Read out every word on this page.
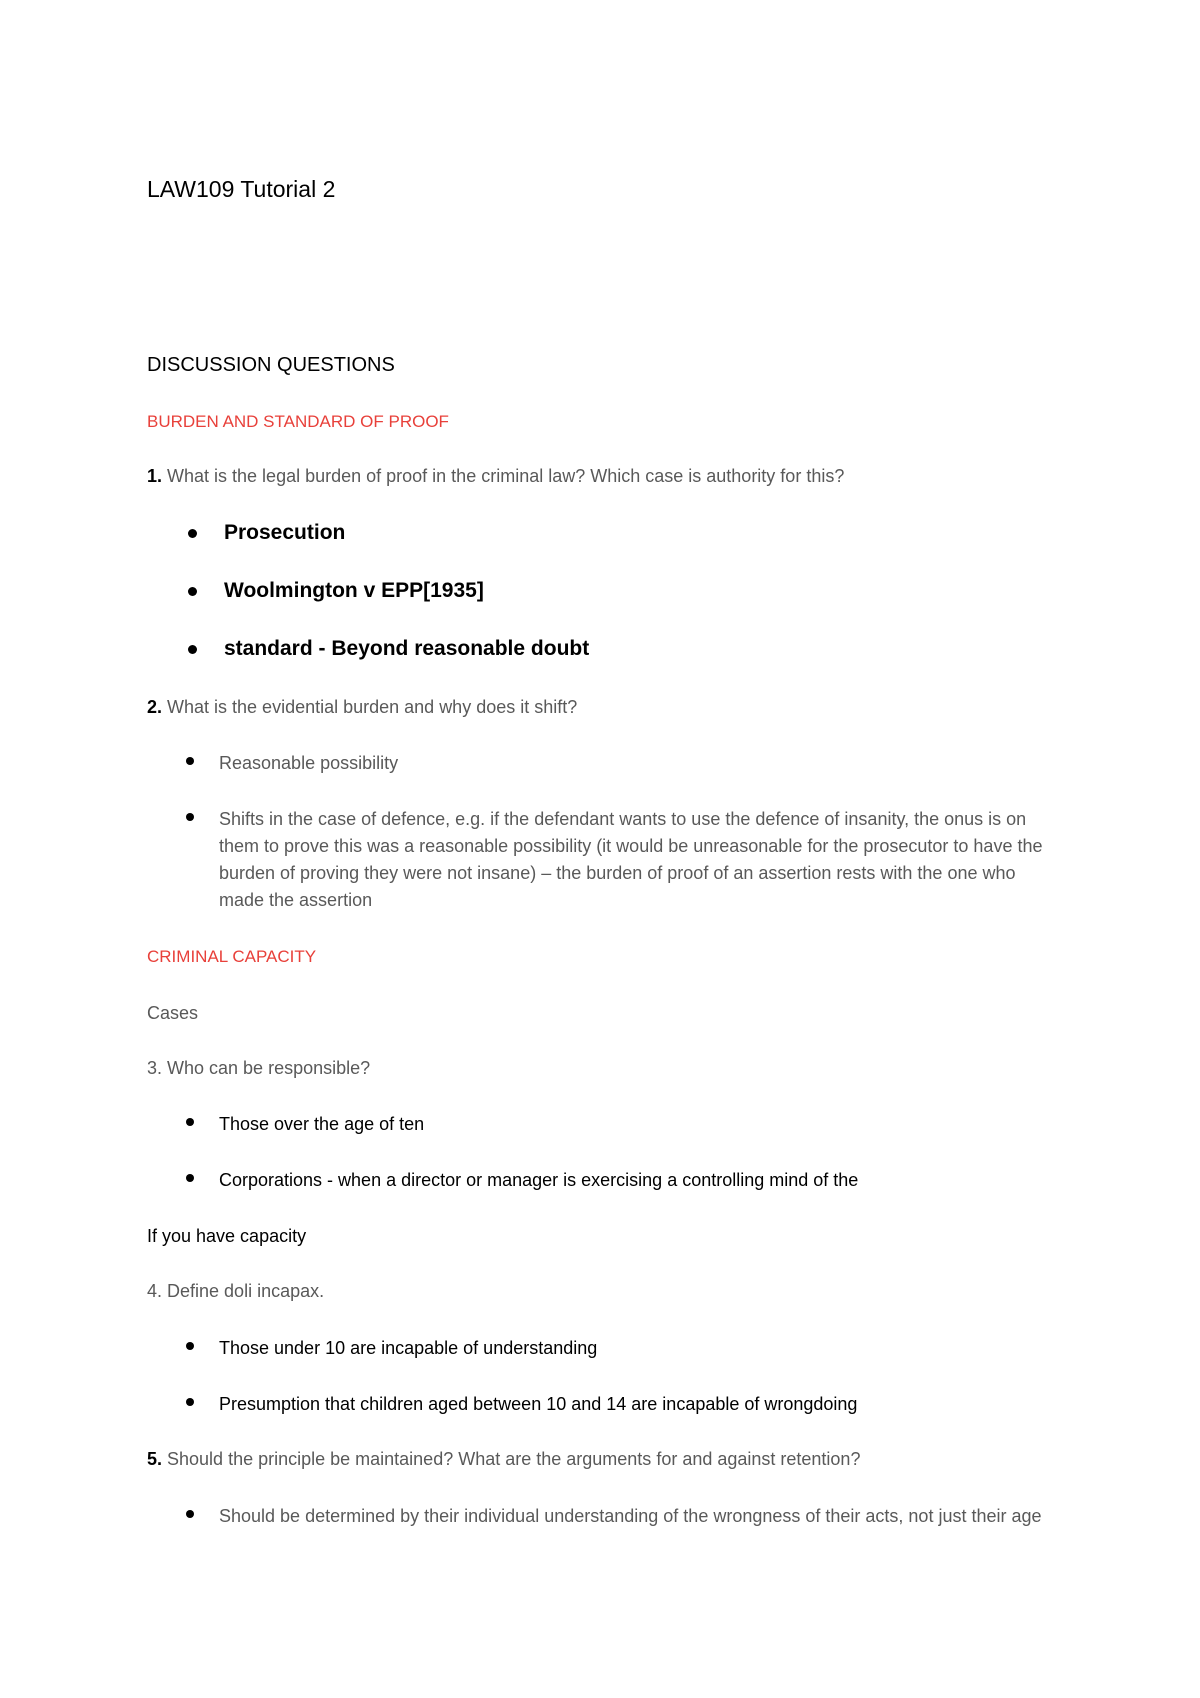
LAW109 Tutorial 2
DISCUSSION QUESTIONS
BURDEN AND STANDARD OF PROOF
1. What is the legal burden of proof in the criminal law? Which case is authority for this?
Prosecution
Woolmington v EPP[1935]
standard - Beyond reasonable doubt
2. What is the evidential burden and why does it shift?
Reasonable possibility
Shifts in the case of defence, e.g. if the defendant wants to use the defence of insanity, the onus is on them to prove this was a reasonable possibility (it would be unreasonable for the prosecutor to have the burden of proving they were not insane) – the burden of proof of an assertion rests with the one who made the assertion
CRIMINAL CAPACITY
Cases
3. Who can be responsible?
Those over the age of ten
Corporations - when a director or manager is exercising a controlling mind of the
If you have capacity
4. Define doli incapax.
Those under 10 are incapable of understanding
Presumption that children aged between 10 and 14 are incapable of wrongdoing
5. Should the principle be maintained? What are the arguments for and against retention?
Should be determined by their individual understanding of the wrongness of their acts, not just their age
